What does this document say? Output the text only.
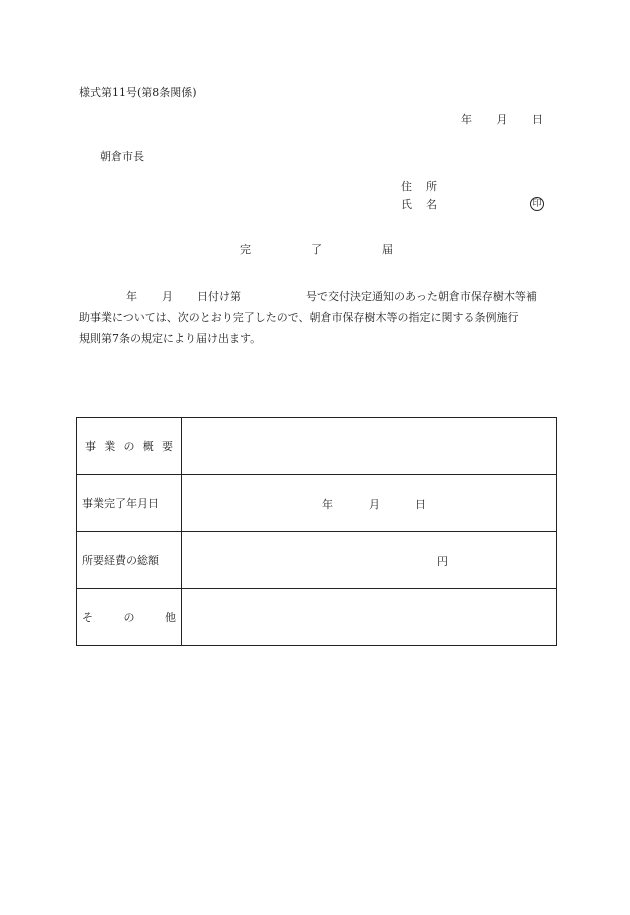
様式第11号(第8条関係)
年 月 日
朝倉市長
住 所
氏 名	印
完	了	届
年 月 日付け第	号で交付決定通知のあった朝倉市保存樹木等補
助事業については、次のとおり完了したので、朝倉市保存樹木等の指定に関する条例施行
規則第7条の規定により届け出ます。
事 業 の 概 要	

事業完了年月日	年 月 日

所要経費の総額	円

そ の 他	
